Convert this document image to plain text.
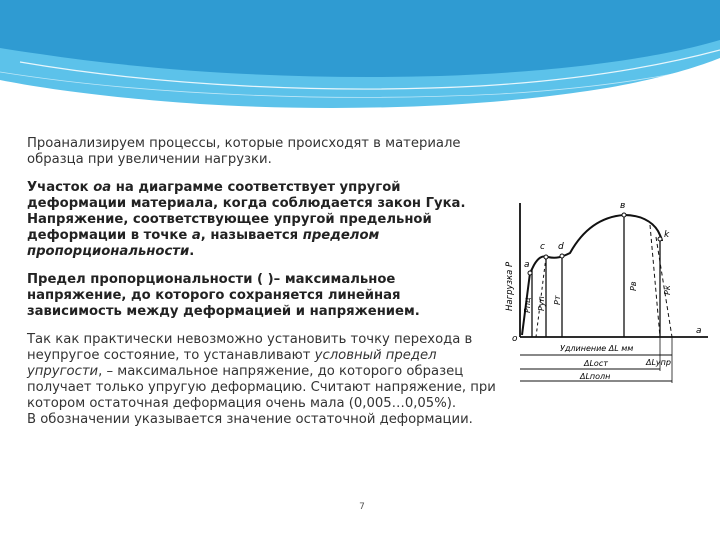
Проанализируем процессы, которые происходят в материале образца при увеличении нагрузки.

Участок оа на диаграмме соответствует упругой деформации материала, когда соблюдается закон Гука. Напряжение, соответствующее упругой предельной деформации в точке а, называется пределом пропорциональности.

Предел пропорциональности ( )– максимальное напряжение, до которого сохраняется линейная зависимость между деформацией и напряжением.

Так как практически невозможно установить точку перехода в неупругое состояние, то устанавливают условный предел упругости, – максимальное напряжение, до которого образец получает только упругую деформацию. Считают напряжение, при котором остаточная деформация очень мала (0,005…0,05%).

В обозначении указывается значение остаточной деформации.

о
а
с d
в
k
а
Нагрузка P Pпц Pуп Pт
Pв	Pк
Удлинение ΔL мм
ΔLупр
ΔLост
ΔLполн
7
